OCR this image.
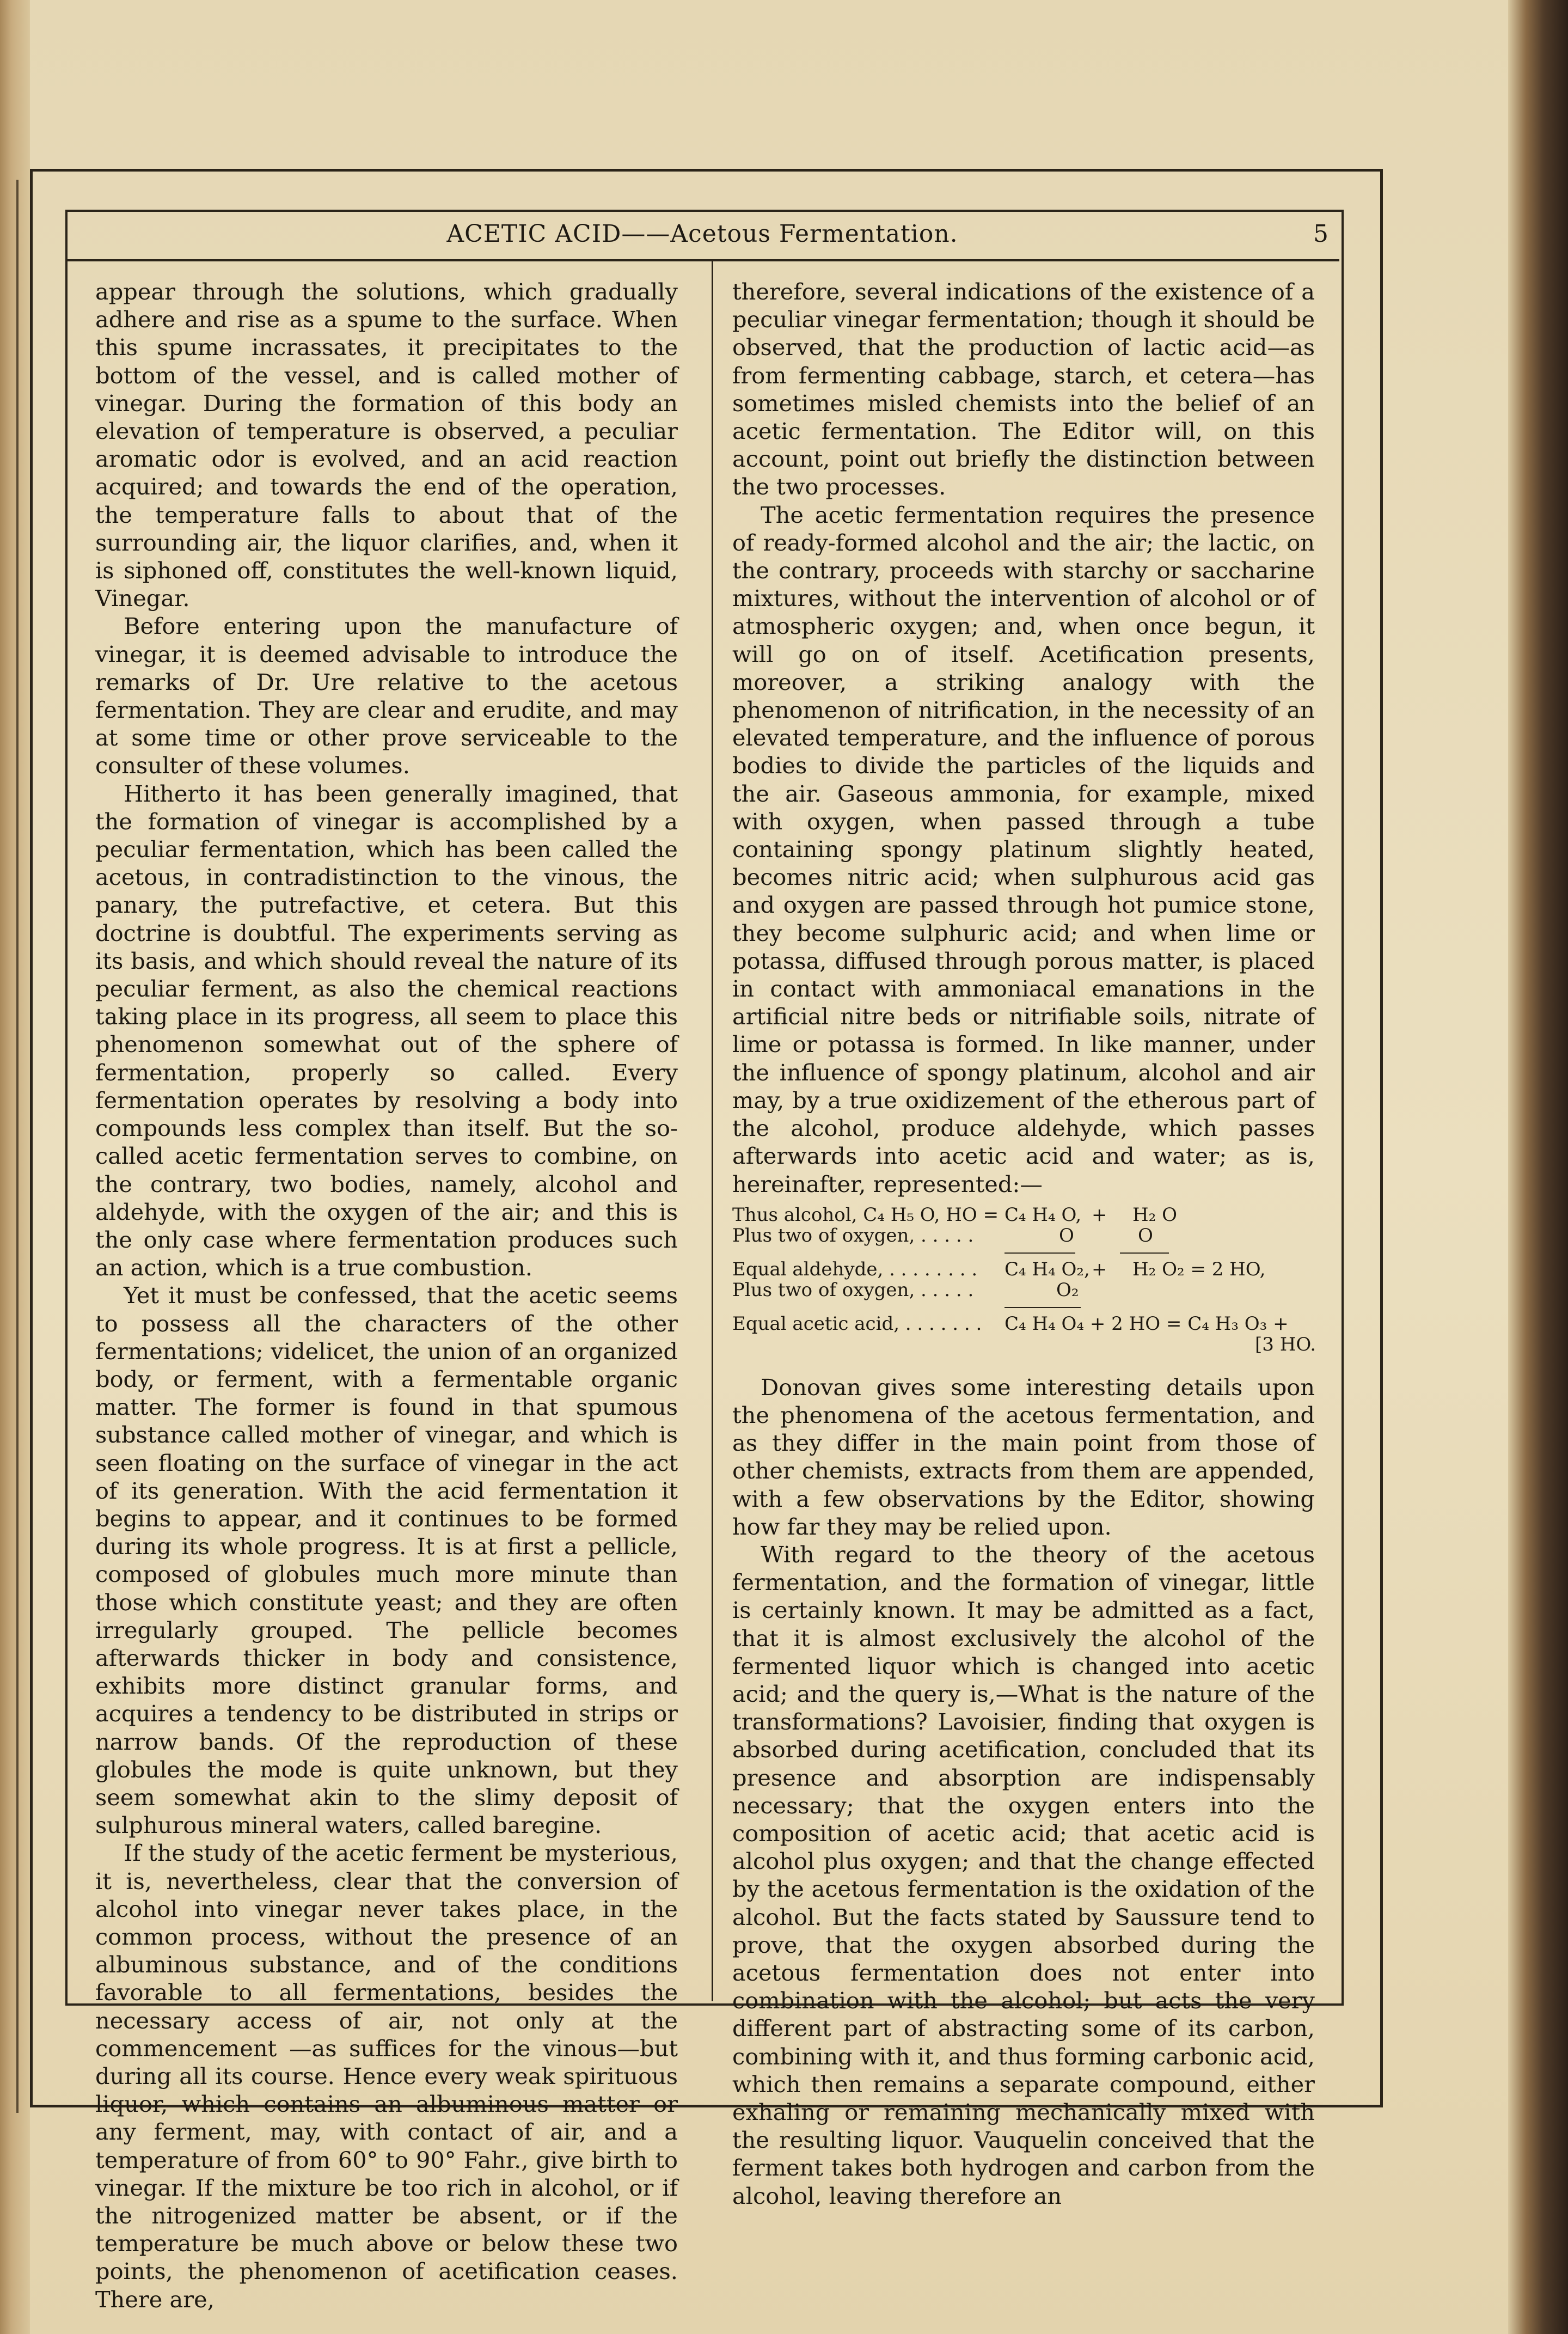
ACETIC ACID——Acetous Fermentation.	5

appear through the solutions, which gradually adhere and rise as a spume to the surface. When this spume incrassates, it precipitates to the bottom of the vessel, and is called mother of vinegar. During the formation of this body an elevation of temperature is observed, a peculiar aromatic odor is evolved, and an acid reaction acquired; and towards the end of the operation, the temperature falls to about that of the surrounding air, the liquor clarifies, and, when it is siphoned off, constitutes the well-known liquid, Vinegar.

Before entering upon the manufacture of vinegar, it is deemed advisable to introduce the remarks of Dr. Ure relative to the acetous fermentation. They are clear and erudite, and may at some time or other prove serviceable to the consulter of these volumes.

Hitherto it has been generally imagined, that the formation of vinegar is accomplished by a peculiar fermentation, which has been called the acetous, in contradistinction to the vinous, the panary, the putrefactive, et cetera. But this doctrine is doubtful. The experiments serving as its basis, and which should reveal the nature of its peculiar ferment, as also the chemical reactions taking place in its progress, all seem to place this phenomenon somewhat out of the sphere of fermentation, properly so called. Every fermentation operates by resolving a body into compounds less complex than itself. But the so-called acetic fermentation serves to combine, on the contrary, two bodies, namely, alcohol and aldehyde, with the oxygen of the air; and this is the only case where fermentation produces such an action, which is a true combustion.

Yet it must be confessed, that the acetic seems to possess all the characters of the other fermentations; videlicet, the union of an organized body, or ferment, with a fermentable organic matter. The former is found in that spumous substance called mother of vinegar, and which is seen floating on the surface of vinegar in the act of its generation. With the acid fermentation it begins to appear, and it continues to be formed during its whole progress. It is at first a pellicle, composed of globules much more minute than those which constitute yeast; and they are often irregularly grouped. The pellicle becomes afterwards thicker in body and consistence, exhibits more distinct granular forms, and acquires a tendency to be distributed in strips or narrow bands. Of the reproduction of these globules the mode is quite unknown, but they seem somewhat akin to the slimy deposit of sulphurous mineral waters, called baregine.

If the study of the acetic ferment be mysterious, it is, nevertheless, clear that the conversion of alcohol into vinegar never takes place, in the common process, without the presence of an albuminous substance, and of the conditions favorable to all fermentations, besides the necessary access of air, not only at the commencement —as suffices for the vinous—but during all its course. Hence every weak spirituous liquor, which contains an albuminous matter or any ferment, may, with contact of air, and a temperature of from 60° to 90° Fahr., give birth to vinegar. If the mixture be too rich in alcohol, or if the nitrogenized matter be absent, or if the temperature be much above or below these two points, the phenomenon of acetification ceases. There are,

therefore, several indications of the existence of a peculiar vinegar fermentation; though it should be observed, that the production of lactic acid—as from fermenting cabbage, starch, et cetera—has sometimes misled chemists into the belief of an acetic fermentation. The Editor will, on this account, point out briefly the distinction between the two processes.

The acetic fermentation requires the presence of ready-formed alcohol and the air; the lactic, on the contrary, proceeds with starchy or saccharine mixtures, without the intervention of alcohol or of atmospheric oxygen; and, when once begun, it will go on of itself. Acetification presents, moreover, a striking analogy with the phenomenon of nitrification, in the necessity of an elevated temperature, and the influence of porous bodies to divide the particles of the liquids and the air. Gaseous ammonia, for example, mixed with oxygen, when passed through a tube containing spongy platinum slightly heated, becomes nitric acid; when sulphurous acid gas and oxygen are passed through hot pumice stone, they become sulphuric acid; and when lime or potassa, diffused through porous matter, is placed in contact with ammoniacal emanations in the artificial nitre beds or nitrifiable soils, nitrate of lime or potassa is formed. In like manner, under the influence of spongy platinum, alcohol and air may, by a true oxidizement of the etherous part of the alcohol, produce aldehyde, which passes afterwards into acetic acid and water; as is, hereinafter, represented:—

Thus alcohol, C₄ H₅ O, HO = C₄ H₄ O, + H₂ O
Plus two of oxygen, . . . . .	O	O
Equal aldehyde, . . . . . . . . C₄ H₄ O₂, + H₂ O₂ = 2 HO,
Plus two of oxygen, . . . . .	O₂
Equal acetic acid, . . . . . . . C₄ H₄ O₄ + 2 HO = C₄ H₃ O₃ +
[3 HO.

Donovan gives some interesting details upon the phenomena of the acetous fermentation, and as they differ in the main point from those of other chemists, extracts from them are appended, with a few observations by the Editor, showing how far they may be relied upon.

With regard to the theory of the acetous fermentation, and the formation of vinegar, little is certainly known. It may be admitted as a fact, that it is almost exclusively the alcohol of the fermented liquor which is changed into acetic acid; and the query is,—What is the nature of the transformations? Lavoisier, finding that oxygen is absorbed during acetification, concluded that its presence and absorption are indispensably necessary; that the oxygen enters into the composition of acetic acid; that acetic acid is alcohol plus oxygen; and that the change effected by the acetous fermentation is the oxidation of the alcohol. But the facts stated by Saussure tend to prove, that the oxygen absorbed during the acetous fermentation does not enter into combination with the alcohol; but acts the very different part of abstracting some of its carbon, combining with it, and thus forming carbonic acid, which then remains a separate compound, either exhaling or remaining mechanically mixed with the resulting liquor. Vauquelin conceived that the ferment takes both hydrogen and carbon from the alcohol, leaving therefore an
